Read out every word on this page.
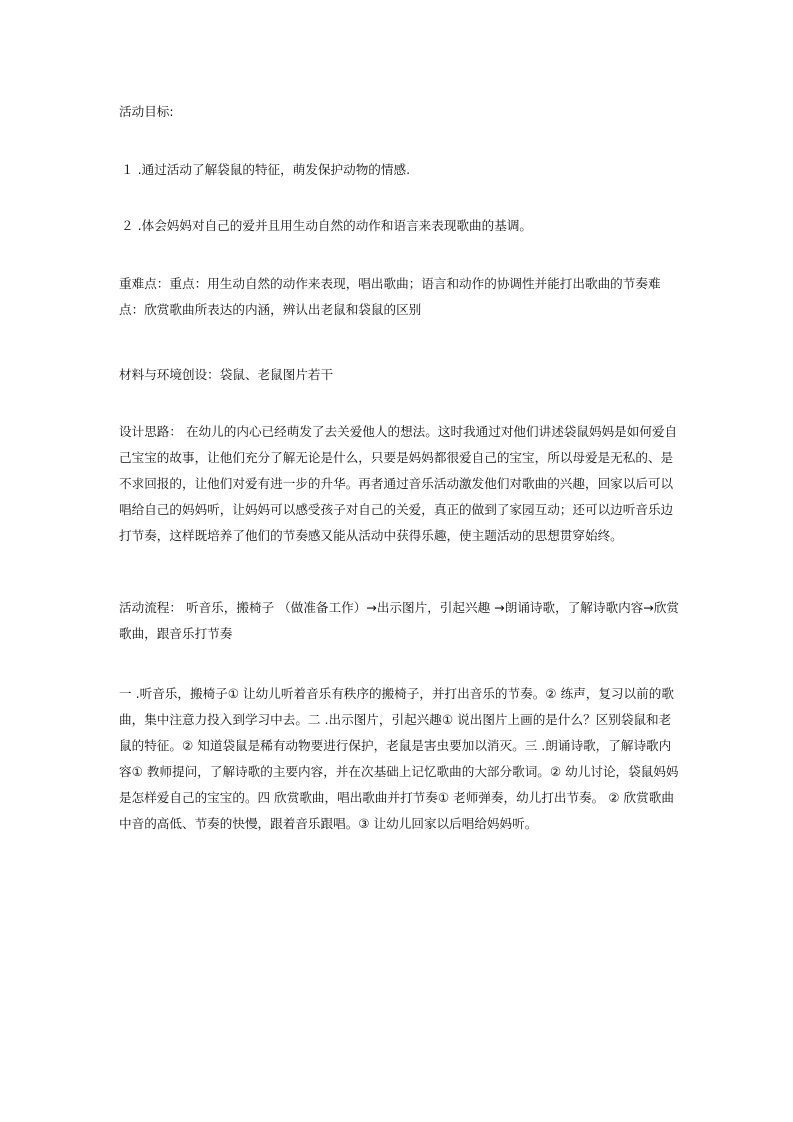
活动目标:

１ .通过活动了解袋鼠的特征，萌发保护动物的情感.

２ .体会妈妈对自己的爱并且用生动自然的动作和语言来表现歌曲的基调。

重难点：重点：用生动自然的动作来表现，唱出歌曲；语言和动作的协调性并能打出歌曲的节奏难点：欣赏歌曲所表达的内涵，辨认出老鼠和袋鼠的区别

材料与环境创设：袋鼠、老鼠图片若干

设计思路： 在幼儿的内心已经萌发了去关爱他人的想法。这时我通过对他们讲述袋鼠妈妈是如何爱自己宝宝的故事，让他们充分了解无论是什么，只要是妈妈都很爱自己的宝宝，所以母爱是无私的、是不求回报的，让他们对爱有进一步的升华。再者通过音乐活动激发他们对歌曲的兴趣，回家以后可以唱给自己的妈妈听，让妈妈可以感受孩子对自己的关爱，真正的做到了家园互动；还可以边听音乐边打节奏，这样既培养了他们的节奏感又能从活动中获得乐趣，使主题活动的思想贯穿始终。

活动流程： 听音乐，搬椅子 （做准备工作）→出示图片，引起兴趣 →朗诵诗歌，了解诗歌内容→欣赏歌曲，跟音乐打节奏

一 .听音乐，搬椅子① 让幼儿听着音乐有秩序的搬椅子，并打出音乐的节奏。② 练声，复习以前的歌曲，集中注意力投入到学习中去。二 .出示图片，引起兴趣① 说出图片上画的是什么？区别袋鼠和老鼠的特征。② 知道袋鼠是稀有动物要进行保护，老鼠是害虫要加以消灭。三 .朗诵诗歌，了解诗歌内容① 教师提问，了解诗歌的主要内容，并在次基础上记忆歌曲的大部分歌词。② 幼儿讨论，袋鼠妈妈是怎样爱自己的宝宝的。四 欣赏歌曲，唱出歌曲并打节奏① 老师弹奏，幼儿打出节奏。 ② 欣赏歌曲中音的高低、节奏的快慢，跟着音乐跟唱。③ 让幼儿回家以后唱给妈妈听。
